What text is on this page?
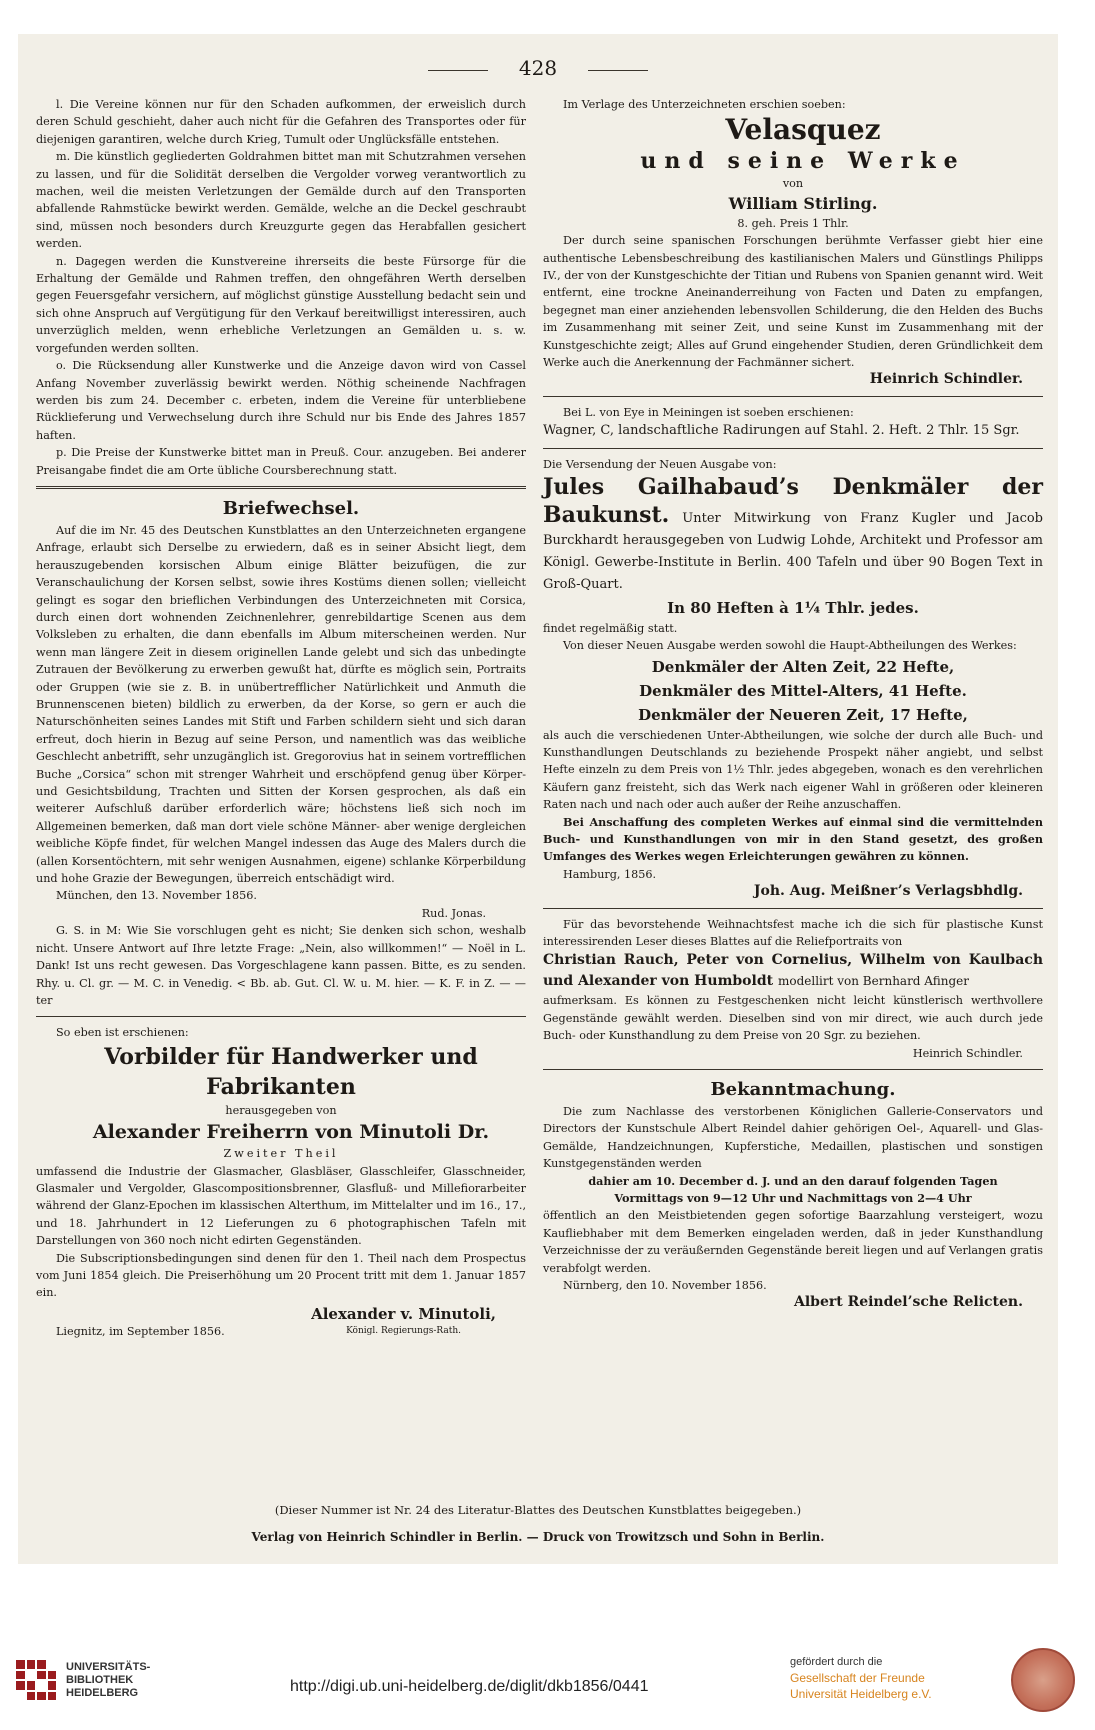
428

l. Die Vereine können nur für den Schaden aufkommen, der erweislich durch deren Schuld geschieht, daher auch nicht für die Gefahren des Transportes oder für diejenigen garantiren, welche durch Krieg, Tumult oder Unglücksfälle entstehen.

m. Die künstlich gegliederten Goldrahmen bittet man mit Schutzrahmen versehen zu lassen, und für die Solidität derselben die Vergolder vorweg verantwortlich zu machen, weil die meisten Verletzungen der Gemälde durch auf den Transporten abfallende Rahmstücke bewirkt werden. Gemälde, welche an die Deckel geschraubt sind, müssen noch besonders durch Kreuzgurte gegen das Herabfallen gesichert werden.

n. Dagegen werden die Kunstvereine ihrerseits die beste Fürsorge für die Erhaltung der Gemälde und Rahmen treffen, den ohngefähren Werth derselben gegen Feuersgefahr versichern, auf möglichst günstige Ausstellung bedacht sein und sich ohne Anspruch auf Vergütigung für den Verkauf bereitwilligst interessiren, auch unverzüglich melden, wenn erhebliche Verletzungen an Gemälden u. s. w. vorgefunden werden sollten.

o. Die Rücksendung aller Kunstwerke und die Anzeige davon wird von Cassel Anfang November zuverlässig bewirkt werden. Nöthig scheinende Nachfragen werden bis zum 24. December c. erbeten, indem die Vereine für unterbliebene Rücklieferung und Verwechselung durch ihre Schuld nur bis Ende des Jahres 1857 haften.

p. Die Preise der Kunstwerke bittet man in Preuß. Cour. anzugeben. Bei anderer Preisangabe findet die am Orte übliche Coursberechnung statt.

Briefwechsel.

Auf die im Nr. 45 des Deutschen Kunstblattes an den Unterzeichneten ergangene Anfrage, erlaubt sich Derselbe zu erwiedern, daß es in seiner Absicht liegt, dem herauszugebenden korsischen Album einige Blätter beizufügen, die zur Veranschaulichung der Korsen selbst, sowie ihres Kostüms dienen sollen; vielleicht gelingt es sogar den brieflichen Verbindungen des Unterzeichneten mit Corsica, durch einen dort wohnenden Zeichnenlehrer, genrebildartige Scenen aus dem Volksleben zu erhalten, die dann ebenfalls im Album miterscheinen werden. Nur wenn man längere Zeit in diesem originellen Lande gelebt und sich das unbedingte Zutrauen der Bevölkerung zu erwerben gewußt hat, dürfte es möglich sein, Portraits oder Gruppen (wie sie z. B. in unübertrefflicher Natürlichkeit und Anmuth die Brunnenscenen bieten) bildlich zu erwerben, da der Korse, so gern er auch die Naturschönheiten seines Landes mit Stift und Farben schildern sieht und sich daran erfreut, doch hierin in Bezug auf seine Person, und namentlich was das weibliche Geschlecht anbetrifft, sehr unzugänglich ist. Gregorovius hat in seinem vortrefflichen Buche „Corsica“ schon mit strenger Wahrheit und erschöpfend genug über Körper- und Gesichtsbildung, Trachten und Sitten der Korsen gesprochen, als daß ein weiterer Aufschluß darüber erforderlich wäre; höchstens ließ sich noch im Allgemeinen bemerken, daß man dort viele schöne Männer- aber wenige dergleichen weibliche Köpfe findet, für welchen Mangel indessen das Auge des Malers durch die (allen Korsentöchtern, mit sehr wenigen Ausnahmen, eigene) schlanke Körperbildung und hohe Grazie der Bewegungen, überreich entschädigt wird.

München, den 13. November 1856.

Rud. Jonas.

G. S. in M: Wie Sie vorschlugen geht es nicht; Sie denken sich schon, weshalb nicht. Unsere Antwort auf Ihre letzte Frage: „Nein, also willkommen!“ — Noël in L. Dank! Ist uns recht gewesen. Das Vorgeschlagene kann passen. Bitte, es zu senden. Rhy. u. Cl. gr. — M. C. in Venedig. < Bb. ab. Gut. Cl. W. u. M. hier. — K. F. in Z. — — ter

So eben ist erschienen:

Vorbilder für Handwerker und Fabrikanten

herausgegeben von

Alexander Freiherrn von Minutoli Dr.

Zweiter Theil

umfassend die Industrie der Glasmacher, Glasbläser, Glasschleifer, Glasschneider, Glasmaler und Vergolder, Glascompositionsbrenner, Glasfluß- und Millefiorarbeiter während der Glanz-Epochen im klassischen Alterthum, im Mittelalter und im 16., 17., und 18. Jahrhundert in 12 Lieferungen zu 6 photographischen Tafeln mit Darstellungen von 360 noch nicht edirten Gegenständen.

Die Subscriptionsbedingungen sind denen für den 1. Theil nach dem Prospectus vom Juni 1854 gleich. Die Preiserhöhung um 20 Procent tritt mit dem 1. Januar 1857 ein.

Liegnitz, im September 1856.
Alexander v. Minutoli,
Königl. Regierungs-Rath.

Im Verlage des Unterzeichneten erschien soeben:

Velasquez

und seine Werke

von

William Stirling.

8. geh. Preis 1 Thlr.

Der durch seine spanischen Forschungen berühmte Verfasser giebt hier eine authentische Lebensbeschreibung des kastilianischen Malers und Günstlings Philipps IV., der von der Kunstgeschichte der Titian und Rubens von Spanien genannt wird. Weit entfernt, eine trockne Aneinanderreihung von Facten und Daten zu empfangen, begegnet man einer anziehenden lebensvollen Schilderung, die den Helden des Buchs im Zusammenhang mit seiner Zeit, und seine Kunst im Zusammenhang mit der Kunstgeschichte zeigt; Alles auf Grund eingehender Studien, deren Gründlichkeit dem Werke auch die Anerkennung der Fachmänner sichert.

Heinrich Schindler.

Bei L. von Eye in Meiningen ist soeben erschienen:

Wagner, C, landschaftliche Radirungen auf Stahl. 2. Heft. 2 Thlr. 15 Sgr.

Die Versendung der Neuen Ausgabe von:

Jules Gailhabaud’s Denkmäler der Baukunst. Unter Mitwirkung von Franz Kugler und Jacob Burckhardt herausgegeben von Ludwig Lohde, Architekt und Professor am Königl. Gewerbe-Institute in Berlin. 400 Tafeln und über 90 Bogen Text in Groß-Quart.

In 80 Heften à 1¼ Thlr. jedes.

findet regelmäßig statt.

Von dieser Neuen Ausgabe werden sowohl die Haupt-Abtheilungen des Werkes:

Denkmäler der Alten Zeit, 22 Hefte,

Denkmäler des Mittel-Alters, 41 Hefte.

Denkmäler der Neueren Zeit, 17 Hefte,

als auch die verschiedenen Unter-Abtheilungen, wie solche der durch alle Buch- und Kunsthandlungen Deutschlands zu beziehende Prospekt näher angiebt, und selbst Hefte einzeln zu dem Preis von 1½ Thlr. jedes abgegeben, wonach es den verehrlichen Käufern ganz freisteht, sich das Werk nach eigener Wahl in größeren oder kleineren Raten nach und nach oder auch außer der Reihe anzuschaffen.

Bei Anschaffung des completen Werkes auf einmal sind die vermittelnden Buch- und Kunsthandlungen von mir in den Stand gesetzt, des großen Umfanges des Werkes wegen Erleichterungen gewähren zu können.

Hamburg, 1856.

Joh. Aug. Meißner’s Verlagsbhdlg.

Für das bevorstehende Weihnachtsfest mache ich die sich für plastische Kunst interessirenden Leser dieses Blattes auf die Reliefportraits von

Christian Rauch, Peter von Cornelius, Wilhelm von Kaulbach und Alexander von Humboldt modellirt von Bernhard Afinger

aufmerksam. Es können zu Festgeschenken nicht leicht künstlerisch werthvollere Gegenstände gewählt werden. Dieselben sind von mir direct, wie auch durch jede Buch- oder Kunsthandlung zu dem Preise von 20 Sgr. zu beziehen.

Heinrich Schindler.

Bekanntmachung.

Die zum Nachlasse des verstorbenen Königlichen Gallerie-Conservators und Directors der Kunstschule Albert Reindel dahier gehörigen Oel-, Aquarell- und Glas-Gemälde, Handzeichnungen, Kupferstiche, Medaillen, plastischen und sonstigen Kunstgegenständen werden

dahier am 10. December d. J. und an den darauf folgenden Tagen

Vormittags von 9—12 Uhr und Nachmittags von 2—4 Uhr

öffentlich an den Meistbietenden gegen sofortige Baarzahlung versteigert, wozu Kaufliebhaber mit dem Bemerken eingeladen werden, daß in jeder Kunsthandlung Verzeichnisse der zu veräußernden Gegenstände bereit liegen und auf Verlangen gratis verabfolgt werden.

Nürnberg, den 10. November 1856.

Albert Reindel’sche Relicten.

(Dieser Nummer ist Nr. 24 des Literatur-Blattes des Deutschen Kunstblattes beigegeben.)
Verlag von Heinrich Schindler in Berlin. — Druck von Trowitzsch und Sohn in Berlin.
UNIVERSITÄTS-
BIBLIOTHEK
HEIDELBERG	http://digi.ub.uni-heidelberg.de/diglit/dkb1856/0441
gefördert durch die
Gesellschaft der Freunde
Universität Heidelberg e.V.
